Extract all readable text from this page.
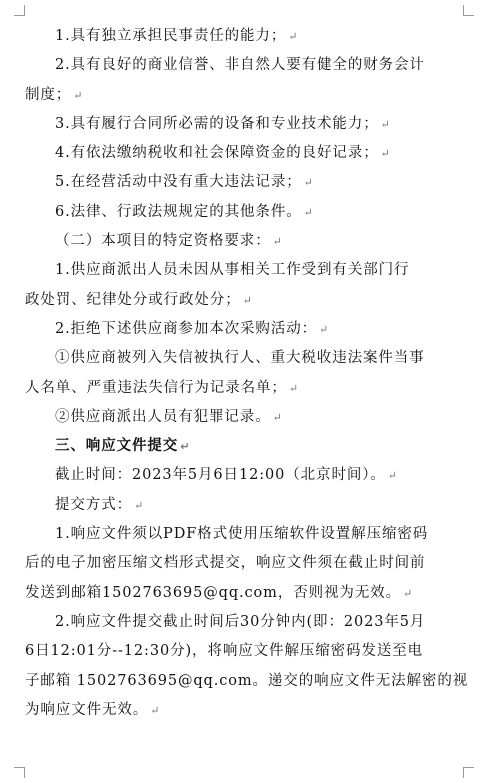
1.具有独立承担民事责任的能力； ↵
2.具有良好的商业信誉、非自然人要有健全的财务会计
制度； ↵
3.具有履行合同所必需的设备和专业技术能力； ↵
4.有依法缴纳税收和社会保障资金的良好记录； ↵
5.在经营活动中没有重大违法记录； ↵
6.法律、行政法规规定的其他条件。 ↵
（二）本项目的特定资格要求： ↵
1.供应商派出人员未因从事相关工作受到有关部门行
政处罚、纪律处分或行政处分； ↵
2.拒绝下述供应商参加本次采购活动： ↵
①供应商被列入失信被执行人、重大税收违法案件当事
人名单、严重违法失信行为记录名单； ↵
②供应商派出人员有犯罪记录。 ↵
三、响应文件提交 ↵
截止时间：2023年5月6日12:00（北京时间）。 ↵
提交方式： ↵
1.响应文件须以PDF格式使用压缩软件设置解压缩密码
后的电子加密压缩文档形式提交，响应文件须在截止时间前
发送到邮箱1502763695@qq.com，否则视为无效。 ↵
2.响应文件提交截止时间后30分钟内(即：2023年5月
6日12:01分--12:30分)，将响应文件解压缩密码发送至电
子邮箱 1502763695@qq.com。递交的响应文件无法解密的视
为响应文件无效。 ↵
